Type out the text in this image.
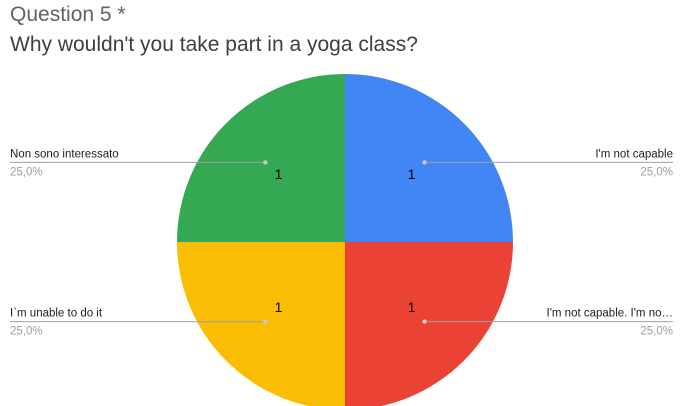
Question 5 *
Why wouldn't you take part in a yoga class?
1
I'm not capable
25,0%
1	I'm not capable. I'm no…
25,0%
1
I`m unable to do it
25,0%
1
Non sono interessato
25,0%
